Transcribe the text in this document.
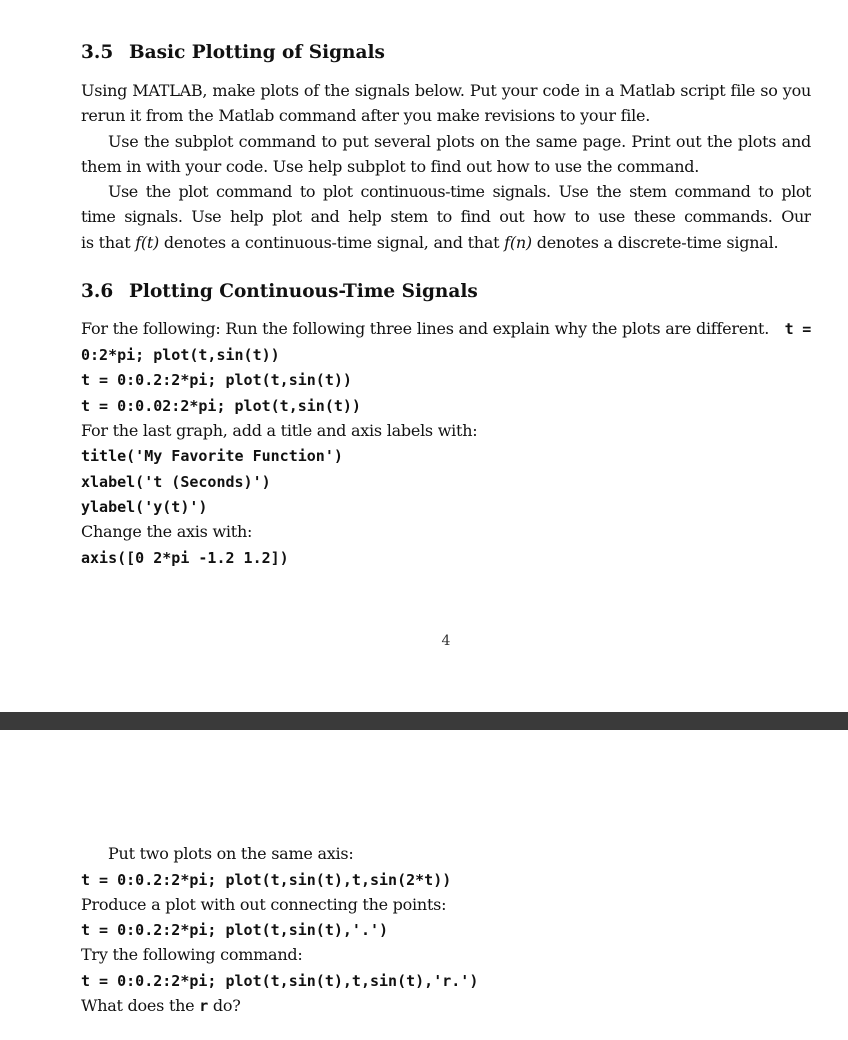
3.5 Basic Plotting of Signals

Using MATLAB, make plots of the signals below. Put your code in a Matlab script file so you

rerun it from the Matlab command after you make revisions to your file.

Use the subplot command to put several plots on the same page. Print out the plots and

them in with your code. Use help subplot to find out how to use the command.

Use the plot command to plot continuous-time signals. Use the stem command to plot

time signals. Use help plot and help stem to find out how to use these commands. Our

is that f(t) denotes a continuous-time signal, and that f(n) denotes a discrete-time signal.

3.6 Plotting Continuous-Time Signals

For the following: Run the following three lines and explain why the plots are different. t =

0:2*pi; plot(t,sin(t))
t = 0:0.2:2*pi; plot(t,sin(t))
t = 0:0.02:2*pi; plot(t,sin(t))

For the last graph, add a title and axis labels with:

title('My Favorite Function')
xlabel('t (Seconds)')
ylabel('y(t)')

Change the axis with:

axis([0 2*pi -1.2 1.2])
4

Put two plots on the same axis:

t = 0:0.2:2*pi; plot(t,sin(t),t,sin(2*t))

Produce a plot with out connecting the points:

t = 0:0.2:2*pi; plot(t,sin(t),'.')

Try the following command:

t = 0:0.2:2*pi; plot(t,sin(t),t,sin(t),'r.')

What does the r do?
